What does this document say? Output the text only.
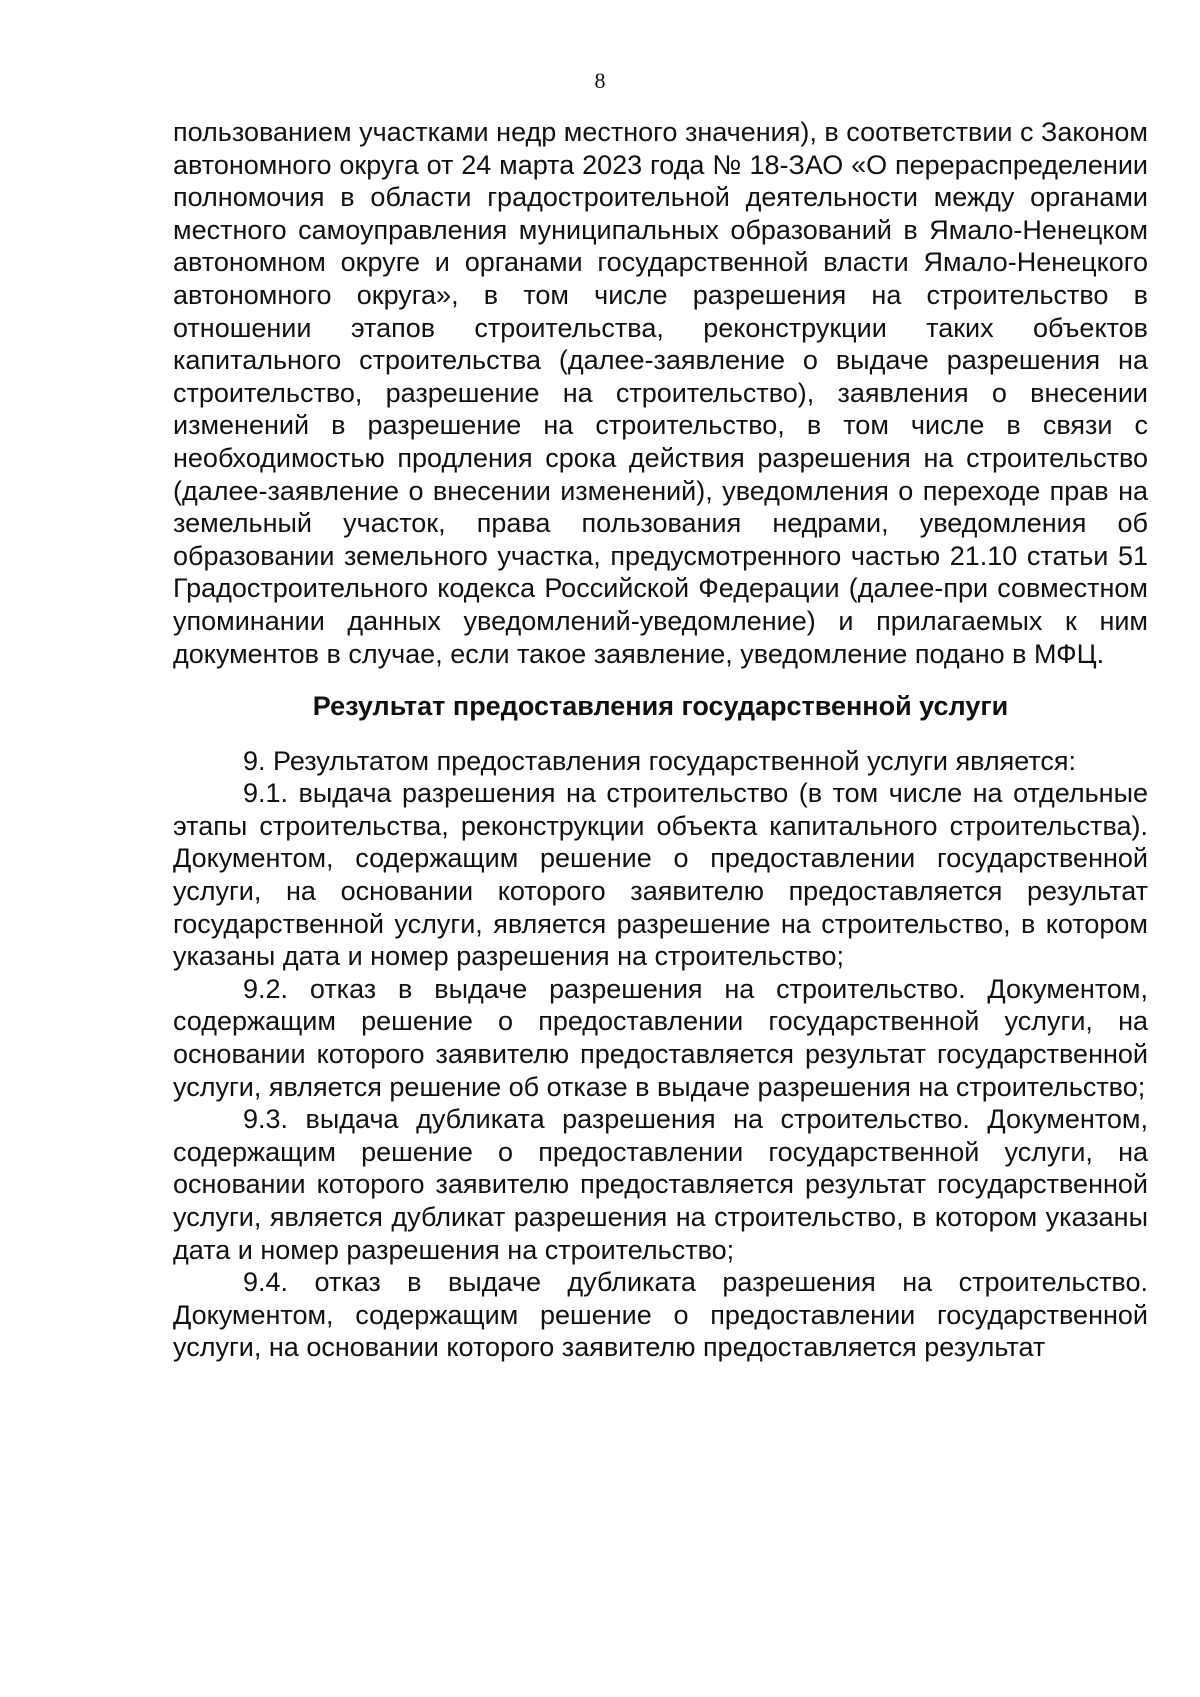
8

пользованием участками недр местного значения), в соответствии с Законом автономного округа от 24 марта 2023 года № 18-ЗАО «О перераспределении полномочия в области градостроительной деятельности между органами местного самоуправления муниципальных образований в Ямало-Ненецком автономном округе и органами государственной власти Ямало-Ненецкого автономного округа», в том числе разрешения на строительство в отношении этапов строительства, реконструкции таких объектов капитального строительства (далее-заявление о выдаче разрешения на строительство, разрешение на строительство), заявления о внесении изменений в разрешение на строительство, в том числе в связи с необходимостью продления срока действия разрешения на строительство (далее-заявление о внесении изменений), уведомления о переходе прав на земельный участок, права пользования недрами, уведомления об образовании земельного участка, предусмотренного частью 21.10 статьи 51 Градостроительного кодекса Российской Федерации (далее-при совместном упоминании данных уведомлений-уведомление) и прилагаемых к ним документов в случае, если такое заявление, уведомление подано в МФЦ.

Результат предоставления государственной услуги

9. Результатом предоставления государственной услуги является:

9.1. выдача разрешения на строительство (в том числе на отдельные этапы строительства, реконструкции объекта капитального строительства). Документом, содержащим решение о предоставлении государственной услуги, на основании которого заявителю предоставляется результат государственной услуги, является разрешение на строительство, в котором указаны дата и номер разрешения на строительство;

9.2. отказ в выдаче разрешения на строительство. Документом, содержащим решение о предоставлении государственной услуги, на основании которого заявителю предоставляется результат государственной услуги, является решение об отказе в выдаче разрешения на строительство;

9.3. выдача дубликата разрешения на строительство. Документом, содержащим решение о предоставлении государственной услуги, на основании которого заявителю предоставляется результат государственной услуги, является дубликат разрешения на строительство, в котором указаны дата и номер разрешения на строительство;

9.4. отказ в выдаче дубликата разрешения на строительство. Документом, содержащим решение о предоставлении государственной услуги, на основании которого заявителю предоставляется результат
